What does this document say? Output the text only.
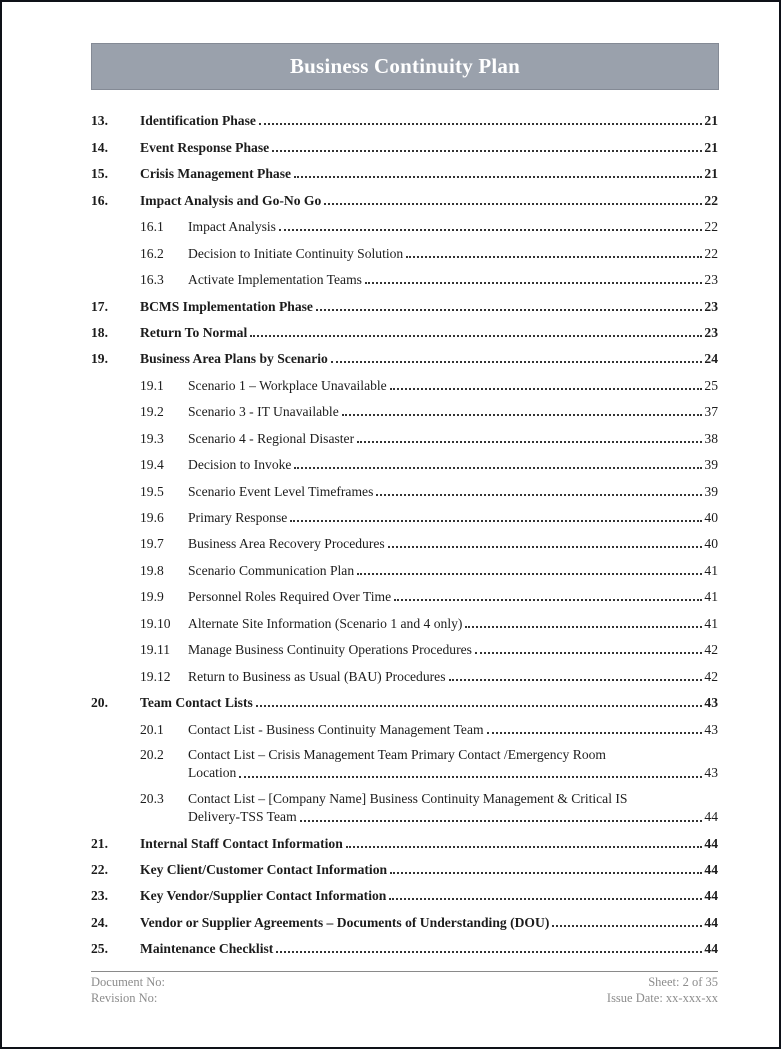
Business Continuity Plan
13.	Identification Phase	21
14.	Event Response Phase	21
15.	Crisis Management Phase	21
16.	Impact Analysis and Go-No Go	22
16.1	Impact Analysis	22
16.2	Decision to Initiate Continuity Solution	22
16.3	Activate Implementation Teams	23
17.	BCMS Implementation Phase	23
18.	Return To Normal	23
19.	Business Area Plans by Scenario	24
19.1	Scenario 1 – Workplace Unavailable	25
19.2	Scenario 3 - IT Unavailable	37
19.3	Scenario 4 - Regional Disaster	38
19.4	Decision to Invoke	39
19.5	Scenario Event Level Timeframes	39
19.6	Primary Response	40
19.7	Business Area Recovery Procedures	40
19.8	Scenario Communication Plan	41
19.9	Personnel Roles Required Over Time	41
19.10	Alternate Site Information (Scenario 1 and 4 only)	41
19.11	Manage Business Continuity Operations Procedures	42
19.12	Return to Business as Usual (BAU) Procedures	42
20.	Team Contact Lists	43
20.1	Contact List - Business Continuity Management Team	43
20.2	Contact List – Crisis Management Team Primary Contact /Emergency Room
Location	43
20.3	Contact List – [Company Name] Business Continuity Management & Critical IS
Delivery-TSS Team	44
21.	Internal Staff Contact Information	44
22.	Key Client/Customer Contact Information	44
23.	Key Vendor/Supplier Contact Information	44
24.	Vendor or Supplier Agreements – Documents of Understanding (DOU)	44
25.	Maintenance Checklist	44
Document No:	Sheet: 2 of 35
Revision No:	Issue Date: xx-xxx-xx
